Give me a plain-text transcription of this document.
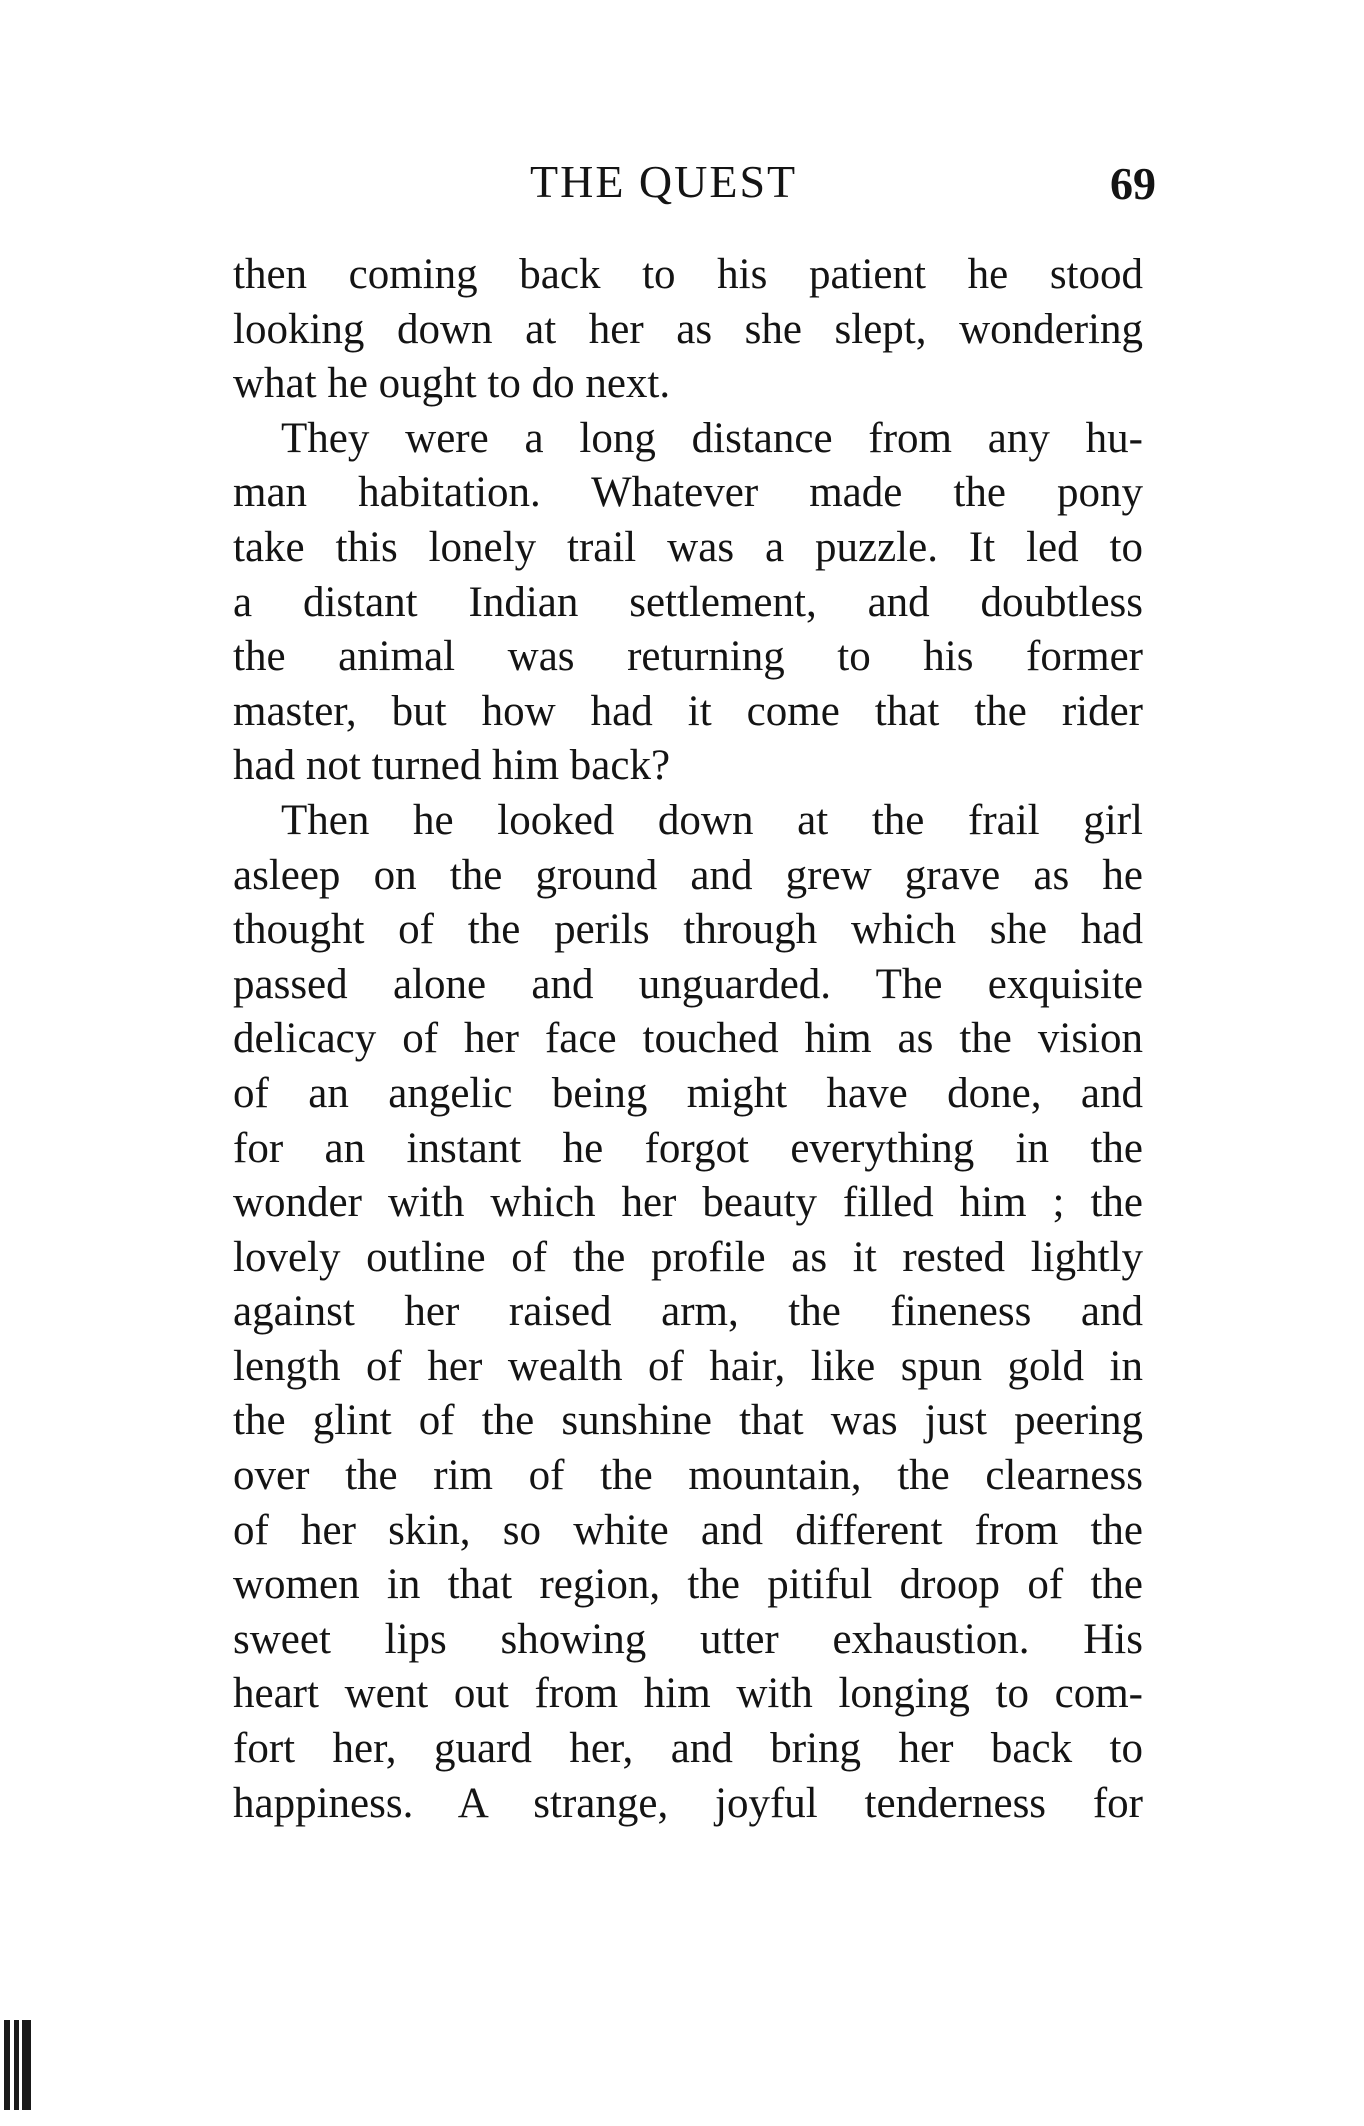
THE QUEST	69
then coming back to his patient he stood
looking down at her as she slept, wondering
what he ought to do next.
They were a long distance from any hu-
man habitation. Whatever made the pony
take this lonely trail was a puzzle. It led to
a distant Indian settlement, and doubtless
the animal was returning to his former
master, but how had it come that the rider
had not turned him back?
Then he looked down at the frail girl
asleep on the ground and grew grave as he
thought of the perils through which she had
passed alone and unguarded. The exquisite
delicacy of her face touched him as the vision
of an angelic being might have done, and
for an instant he forgot everything in the
wonder with which her beauty filled him ; the
lovely outline of the profile as it rested lightly
against her raised arm, the fineness and
length of her wealth of hair, like spun gold in
the glint of the sunshine that was just peering
over the rim of the mountain, the clearness
of her skin, so white and different from the
women in that region, the pitiful droop of the
sweet lips showing utter exhaustion. His
heart went out from him with longing to com-
fort her, guard her, and bring her back to
happiness. A strange, joyful tenderness for
